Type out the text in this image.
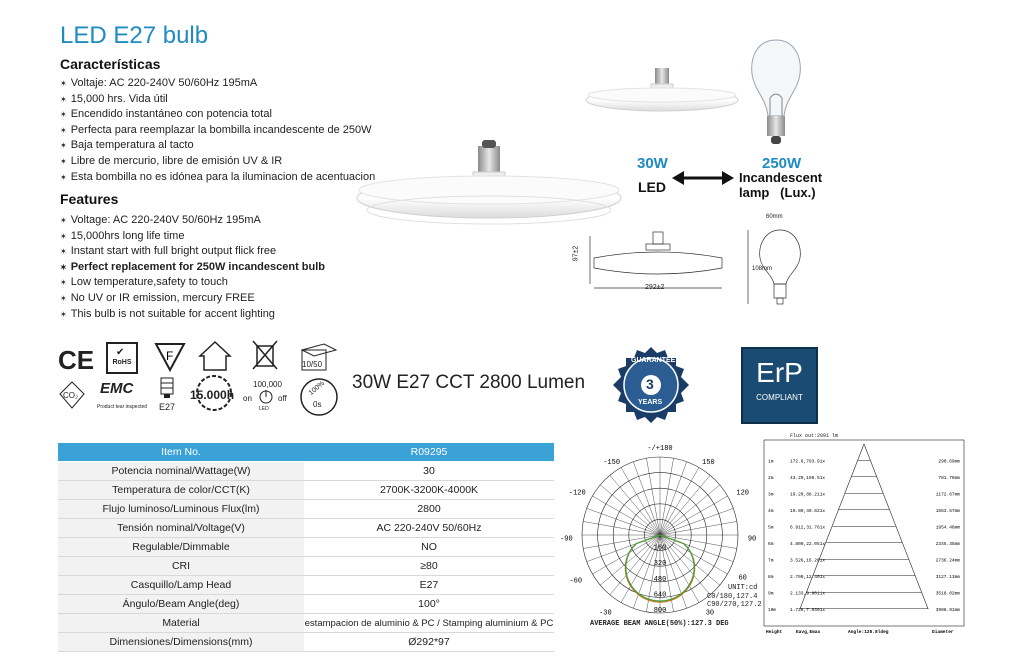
LED E27 bulb
Características
✶ Voltaje: AC 220-240V 50/60Hz 195mA
✶ 15,000 hrs. Vida útil
✶ Encendido instantáneo con potencia total
✶ Perfecta para reemplazar la bombilla incandescente de 250W
✶ Baja temperatura al tacto
✶ Libre de mercurio, libre de emisión UV & IR
✶ Esta bombilla no es idónea para la iluminacion de acentuacion
Features
✶ Voltage: AC 220-240V 50/60Hz 195mA
✶ 15,000hrs long life time
✶ Instant start with full bright output flick free
✶ Perfect replacement for 250W incandescent bulb
✶ Low temperature,safety to touch
✶ No UV or IR emission, mercury FREE
✶ This bulb is not suitable for accent lighting
30W
LED
250W
Incandescent
lamp   (Lux.)
97±2
292±2
60mm
108mm
CE	RoHS
✔	F
10/50
CO₂ EMC
Product tear inspected E27
15.000h
100,000
on	off
LED
100%
0s
30W E27 CCT 2800 Lumen
GUARANTEE
3
YEARS
ErP
COMPLIANT
Item No.	R09295
Potencia nominal/Wattage(W)	30
Temperatura de color/CCT(K)	2700K-3200K-4000K
Flujo luminoso/Luminous Flux(lm)	2800
Tensión nominal/Voltage(V)	AC 220-240V 50/60Hz
Regulable/Dimmable	NO
CRI	≥80
Casquillo/Lamp Head	E27
Ángulo/Beam Angle(deg)	100°
Material	estampacion de aluminio & PC / Stamping aluminium & PC
Dimensiones/Dimensions(mm)	Ø292*97
-/+180
-150	150
-120	120
-90	90
-60	60
-30	30
160
320
480
640
800
UNIT:cd
C0/180,127.4
C90/270,127.2
AVERAGE BEAM ANGLE(50%):127.3 DEG
1m	172.6,793.91x	290.69mm
2m	43.20,198.51x	781.76mm
3m	19.20,88.211x	1172.67mm
4m	10.80,49.621x	1563.57mm
5m	6.912,31.761x	1954.46mm
6m	4.800,22.051x	2345.35mm
7m	3.526,16.201x	2736.24mm
8m	2.700,12.401x	3127.13mm
9m	2.133,9.8011x	3518.02mm
10m	1.728,7.9391x	3908.91mm
Height	Eavg,Emax	Angle:125.8ldeg	Diameter
Flux out:2091 lm
